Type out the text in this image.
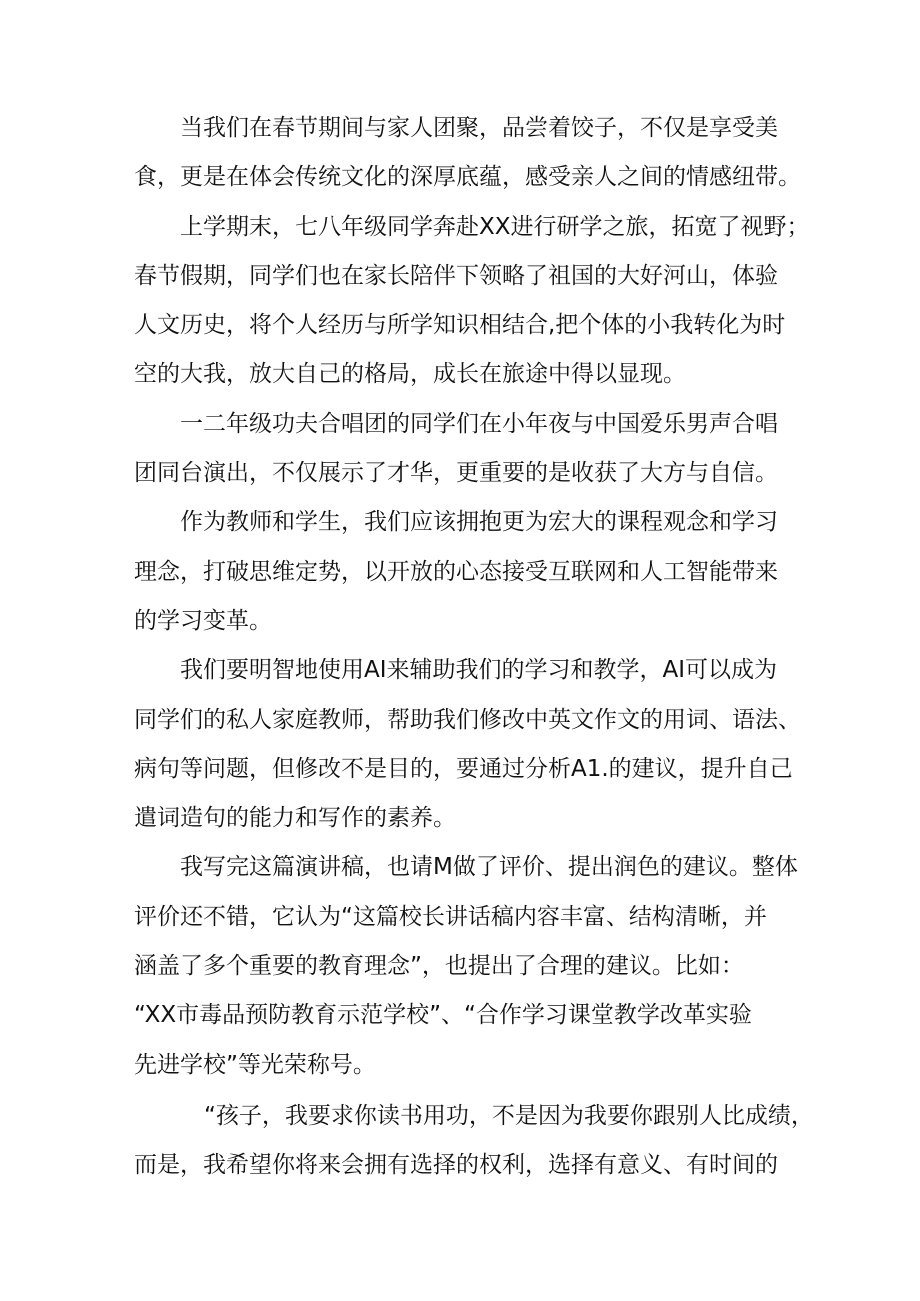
当我们在春节期间与家人团聚，品尝着饺子，不仅是享受美
食，更是在体会传统文化的深厚底蕴，感受亲人之间的情感纽带。
上学期末，七八年级同学奔赴XX进行研学之旅，拓宽了视野；
春节假期，同学们也在家长陪伴下领略了祖国的大好河山，体验
人文历史，将个人经历与所学知识相结合,把个体的小我转化为时
空的大我，放大自己的格局，成长在旅途中得以显现。
一二年级功夫合唱团的同学们在小年夜与中国爱乐男声合唱
团同台演出，不仅展示了才华，更重要的是收获了大方与自信。
作为教师和学生，我们应该拥抱更为宏大的课程观念和学习
理念，打破思维定势，以开放的心态接受互联网和人工智能带来
的学习变革。
我们要明智地使用AI来辅助我们的学习和教学，AI可以成为
同学们的私人家庭教师，帮助我们修改中英文作文的用词、语法、
病句等问题，但修改不是目的，要通过分析A1.的建议，提升自己
遣词造句的能力和写作的素养。
我写完这篇演讲稿，也请M做了评价、提出润色的建议。整体
评价还不错，它认为“这篇校长讲话稿内容丰富、结构清晰，并
涵盖了多个重要的教育理念”，也提出了合理的建议。比如：
“XX市毒品预防教育示范学校”、“合作学习课堂教学改革实验
先进学校”等光荣称号。
“孩子，我要求你读书用功，不是因为我要你跟别人比成绩，
而是，我希望你将来会拥有选择的权利，选择有意义、有时间的
